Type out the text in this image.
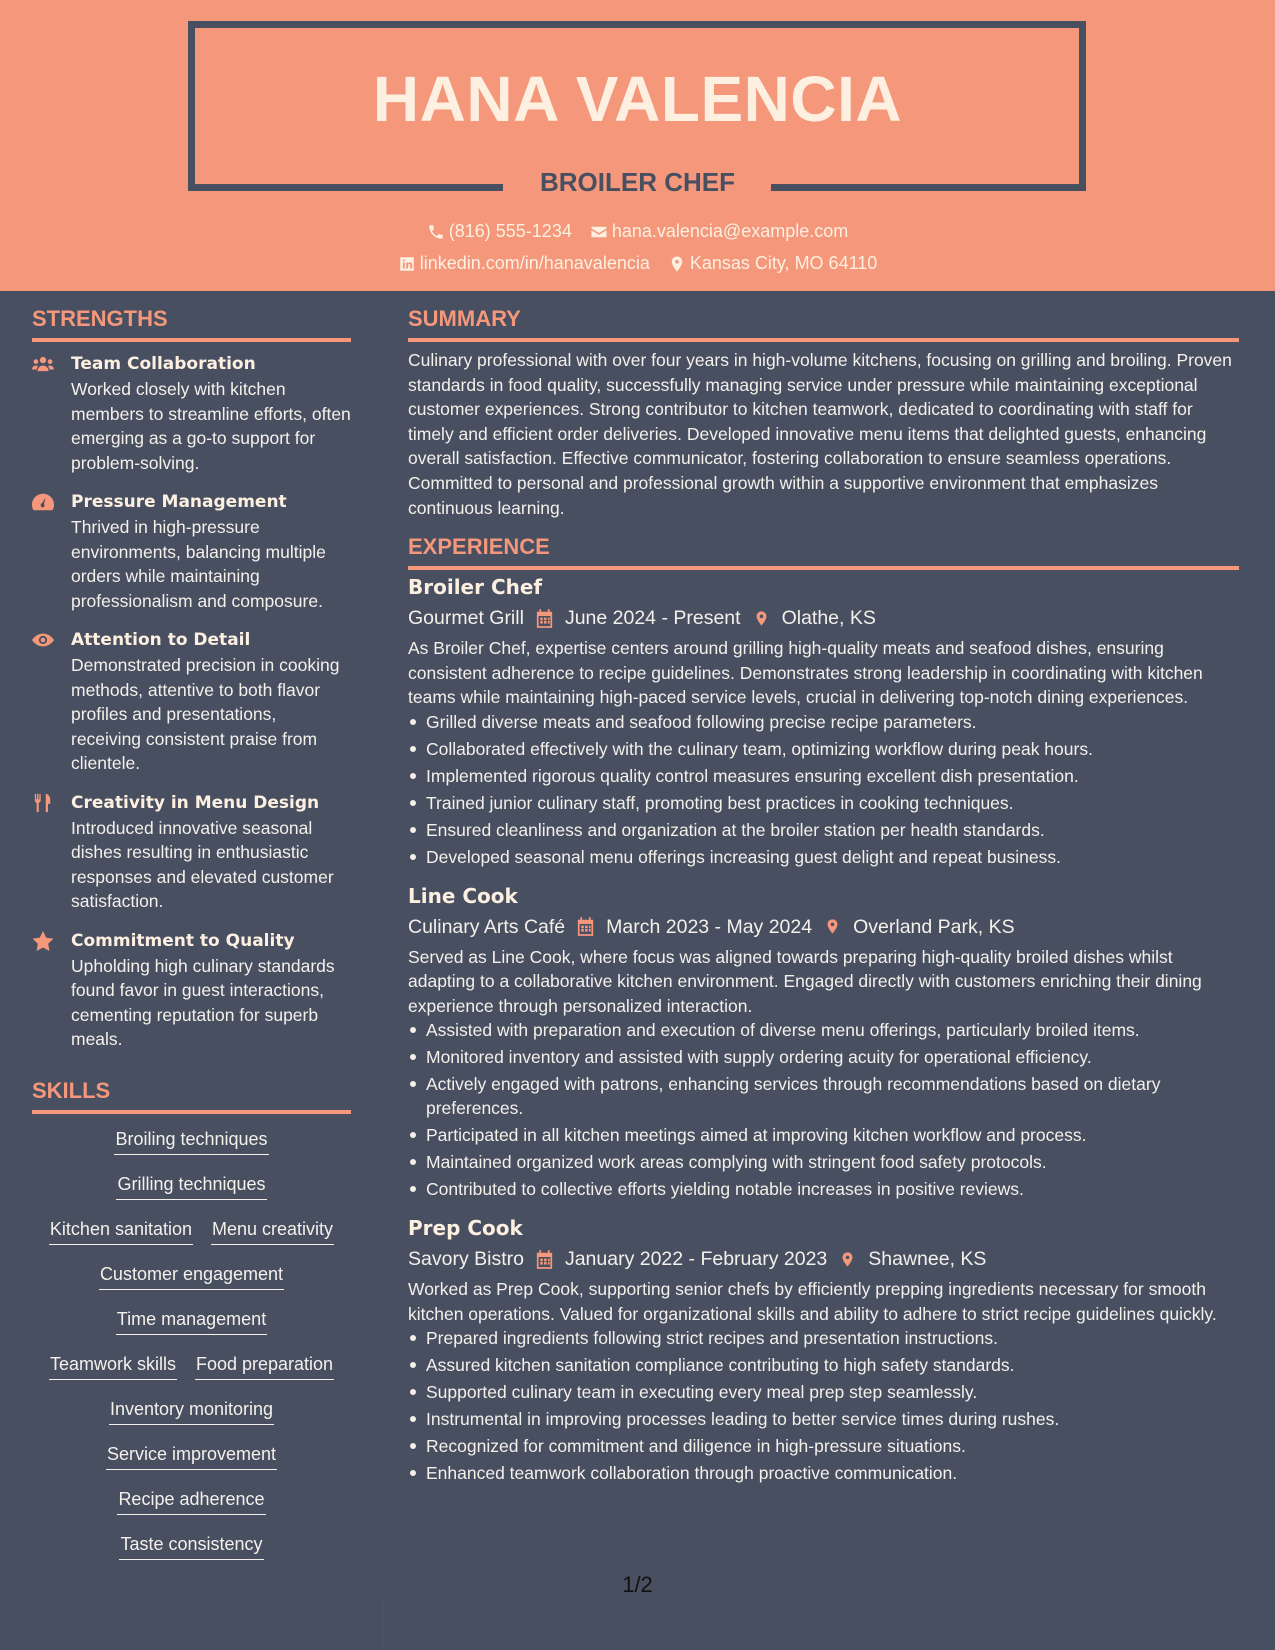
HANA VALENCIA
BROILER CHEF
(816) 555-1234 hana.valencia@example.com
linkedin.com/in/hanavalencia Kansas City, MO 64110
STRENGTHS
Team Collaboration
Worked closely with kitchen members to streamline efforts, often emerging as a go-to support for problem-solving.
Pressure Management
Thrived in high-pressure environments, balancing multiple orders while maintaining professionalism and composure.
Attention to Detail
Demonstrated precision in cooking methods, attentive to both flavor profiles and presentations, receiving consistent praise from clientele.
Creativity in Menu Design
Introduced innovative seasonal dishes resulting in enthusiastic responses and elevated customer satisfaction.
Commitment to Quality
Upholding high culinary standards found favor in guest interactions, cementing reputation for superb meals.
SKILLS
Broiling techniques
Grilling techniques
Kitchen sanitation Menu creativity
Customer engagement
Time management
Teamwork skills Food preparation
Inventory monitoring
Service improvement
Recipe adherence
Taste consistency
SUMMARY
Culinary professional with over four years in high-volume kitchens, focusing on grilling and broiling. Proven standards in food quality, successfully managing service under pressure while maintaining exceptional customer experiences. Strong contributor to kitchen teamwork, dedicated to coordinating with staff for timely and efficient order deliveries. Developed innovative menu items that delighted guests, enhancing overall satisfaction. Effective communicator, fostering collaboration to ensure seamless operations. Committed to personal and professional growth within a supportive environment that emphasizes continuous learning.
EXPERIENCE
Broiler Chef
Gourmet Grill June 2024 - Present Olathe, KS
As Broiler Chef, expertise centers around grilling high-quality meats and seafood dishes, ensuring consistent adherence to recipe guidelines. Demonstrates strong leadership in coordinating with kitchen teams while maintaining high-paced service levels, crucial in delivering top-notch dining experiences.
Grilled diverse meats and seafood following precise recipe parameters.
Collaborated effectively with the culinary team, optimizing workflow during peak hours.
Implemented rigorous quality control measures ensuring excellent dish presentation.
Trained junior culinary staff, promoting best practices in cooking techniques.
Ensured cleanliness and organization at the broiler station per health standards.
Developed seasonal menu offerings increasing guest delight and repeat business.
Line Cook
Culinary Arts Café March 2023 - May 2024 Overland Park, KS
Served as Line Cook, where focus was aligned towards preparing high-quality broiled dishes whilst adapting to a collaborative kitchen environment. Engaged directly with customers enriching their dining experience through personalized interaction.
Assisted with preparation and execution of diverse menu offerings, particularly broiled items.
Monitored inventory and assisted with supply ordering acuity for operational efficiency.
Actively engaged with patrons, enhancing services through recommendations based on dietary preferences.
Participated in all kitchen meetings aimed at improving kitchen workflow and process.
Maintained organized work areas complying with stringent food safety protocols.
Contributed to collective efforts yielding notable increases in positive reviews.
Prep Cook
Savory Bistro January 2022 - February 2023 Shawnee, KS
Worked as Prep Cook, supporting senior chefs by efficiently prepping ingredients necessary for smooth kitchen operations. Valued for organizational skills and ability to adhere to strict recipe guidelines quickly.
Prepared ingredients following strict recipes and presentation instructions.
Assured kitchen sanitation compliance contributing to high safety standards.
Supported culinary team in executing every meal prep step seamlessly.
Instrumental in improving processes leading to better service times during rushes.
Recognized for commitment and diligence in high-pressure situations.
Enhanced teamwork collaboration through proactive communication.
1/2
